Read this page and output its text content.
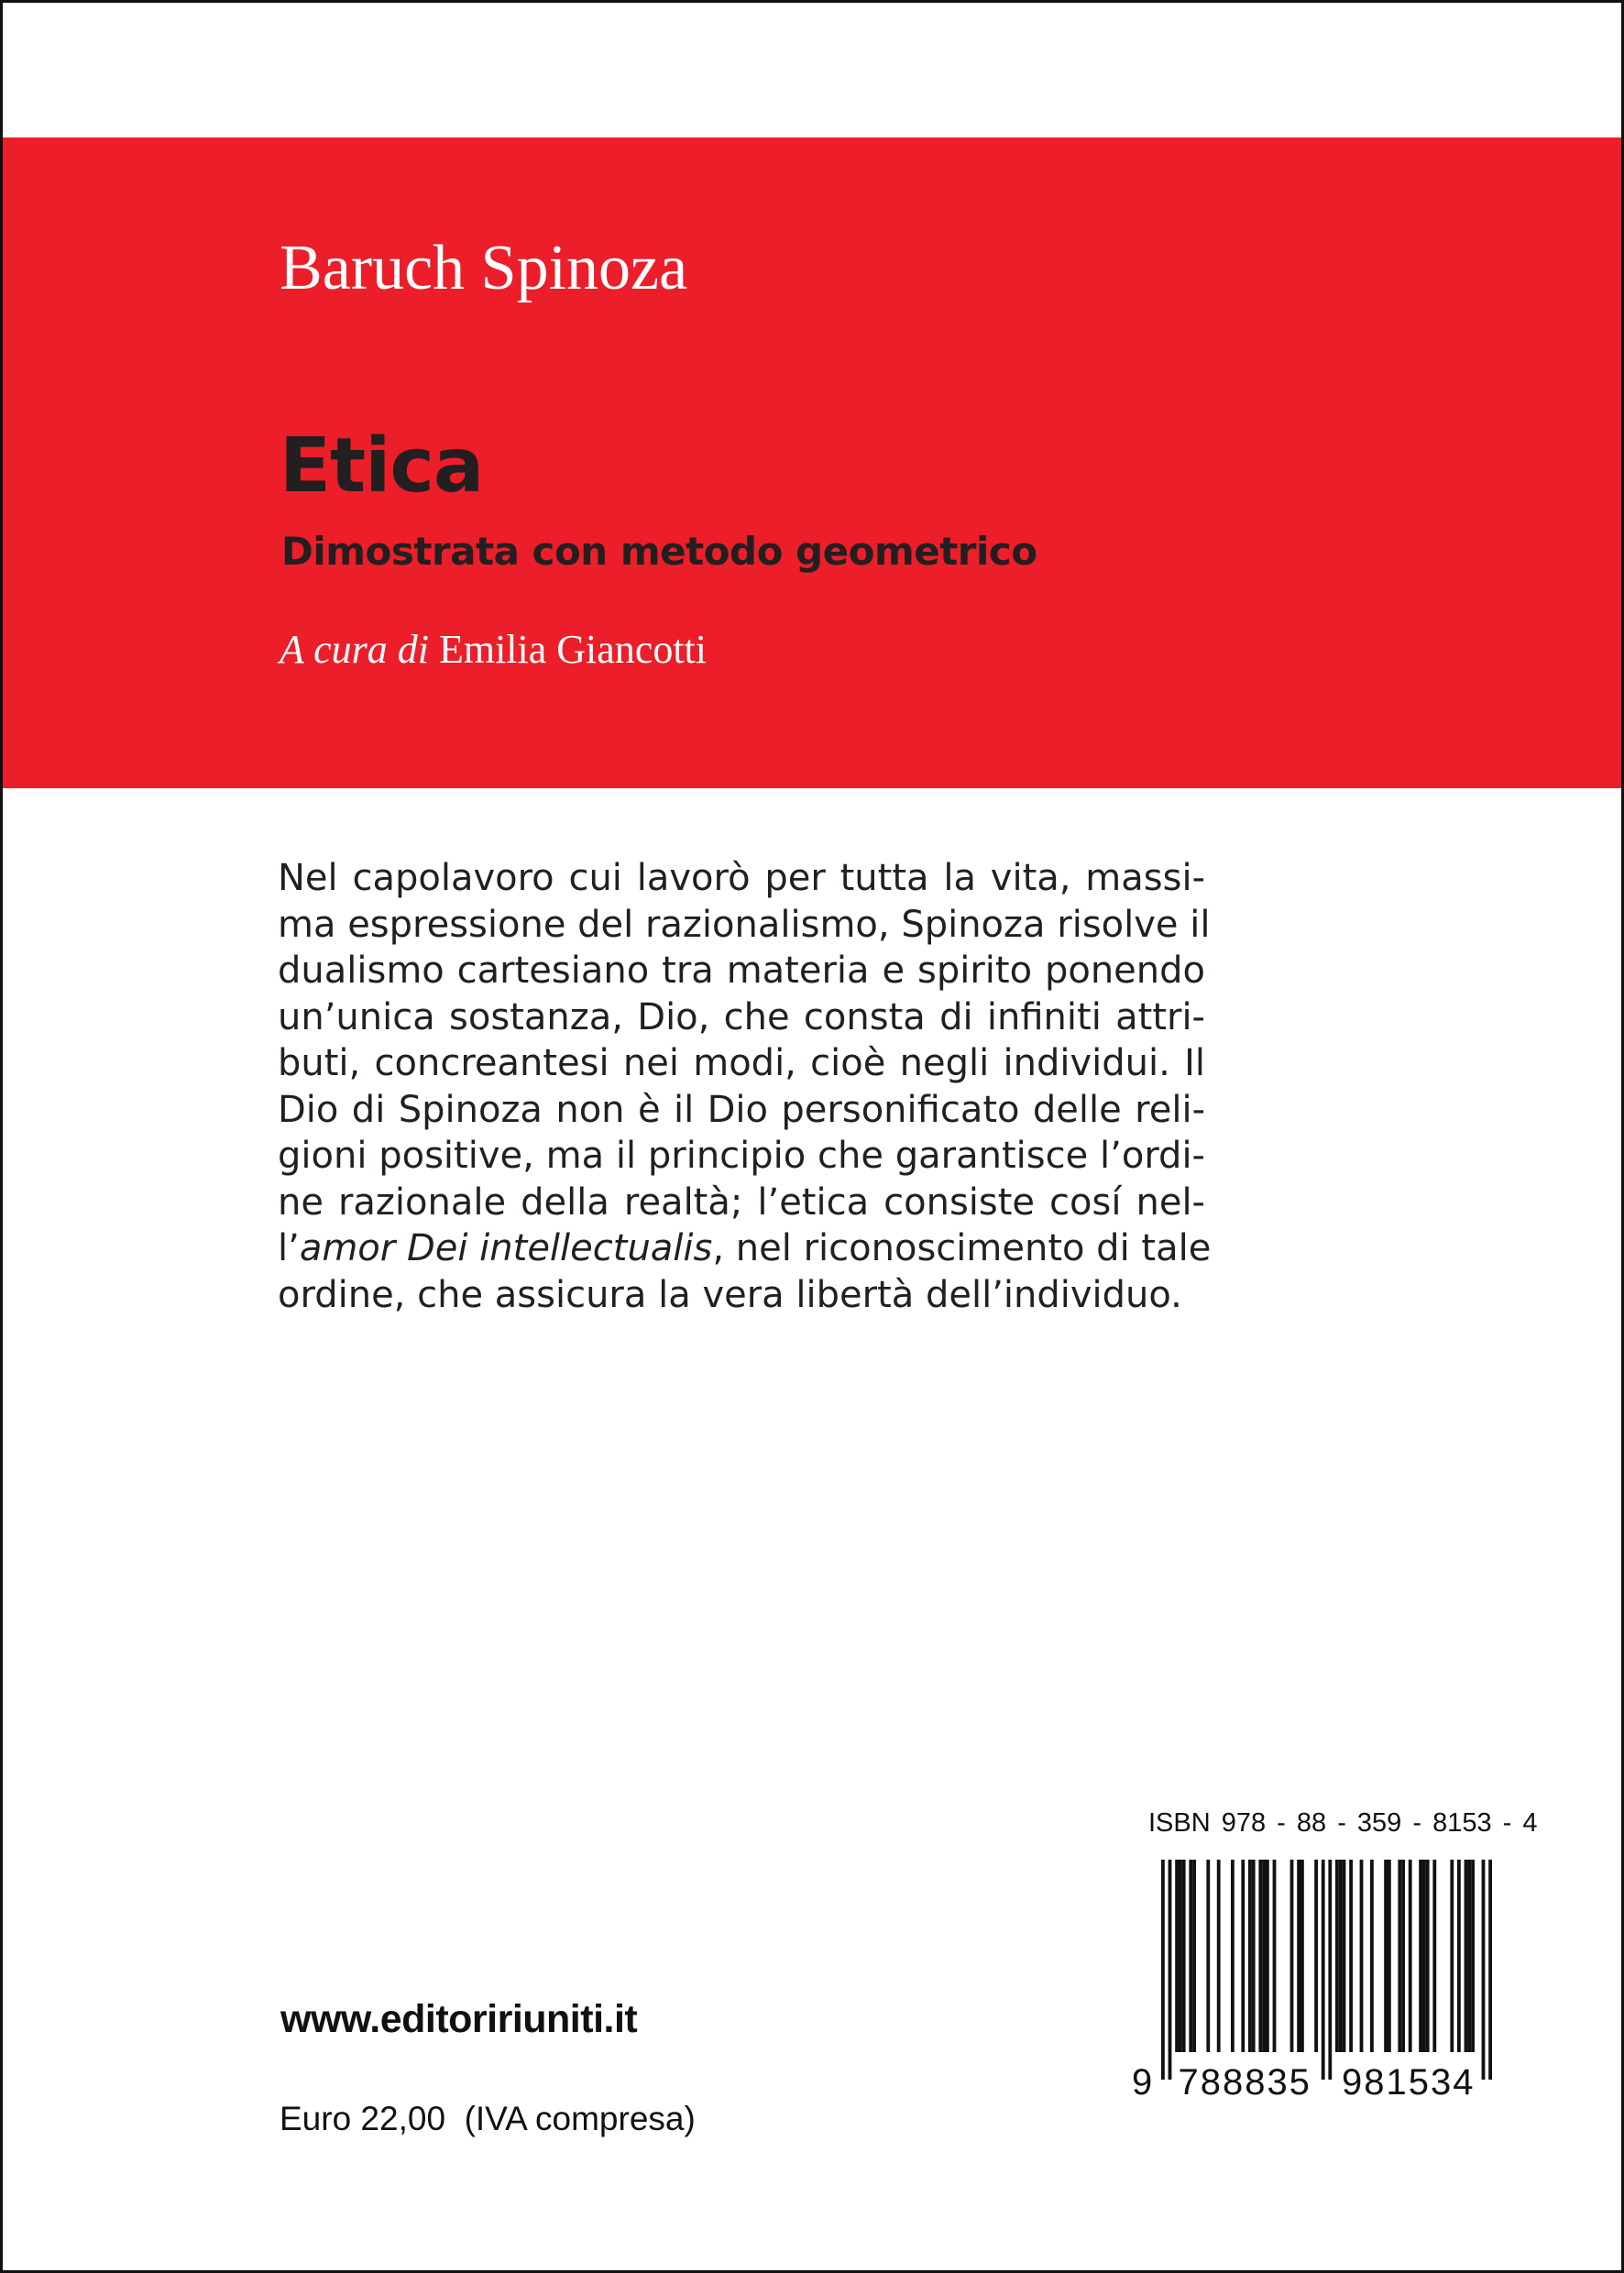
Baruch Spinoza
Etica
Dimostrata con metodo geometrico
A cura di Emilia Giancotti
Nel capolavoro cui lavorò per tutta la vita, massi-
ma espressione del razionalismo, Spinoza risolve il
dualismo cartesiano tra materia e spirito ponendo
un’unica sostanza, Dio, che consta di infiniti attri-
buti, concreantesi nei modi, cioè negli individui. Il
Dio di Spinoza non è il Dio personificato delle reli-
gioni positive, ma il principio che garantisce l’ordi-
ne razionale della realtà; l’etica consiste cosí nel-
l’amor Dei intellectualis, nel riconoscimento di tale
ordine, che assicura la vera libertà dell’individuo.
ISBN 978 - 88 - 359 - 8153 - 4
9 788835 981534
www.editoririuniti.it
Euro 22,00  (IVA compresa)
